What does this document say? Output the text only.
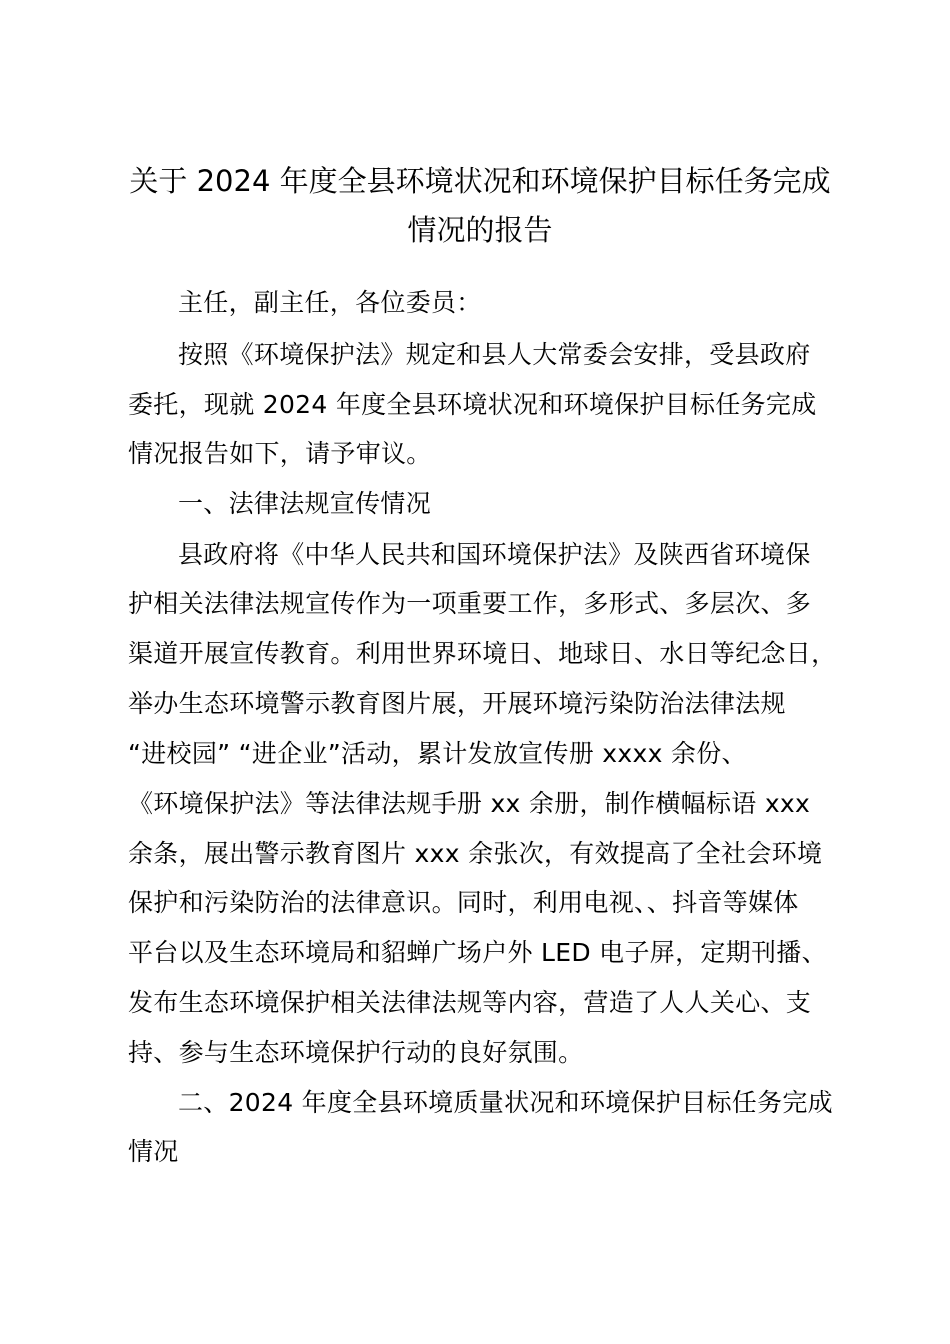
关于 2024 年度全县环境状况和环境保护目标任务完成
情况的报告

主任，副主任，各位委员：

按照《环境保护法》规定和县人大常委会安排，受县政府

委托，现就 2024 年度全县环境状况和环境保护目标任务完成

情况报告如下，请予审议。

一、法律法规宣传情况

县政府将《中华人民共和国环境保护法》及陕西省环境保

护相关法律法规宣传作为一项重要工作，多形式、多层次、多

渠道开展宣传教育。利用世界环境日、地球日、水日等纪念日，

举办生态环境警示教育图片展，开展环境污染防治法律法规

“进校园” “进企业”活动，累计发放宣传册 xxxx 余份、

《环境保护法》等法律法规手册 xx 余册，制作横幅标语 xxx

余条，展出警示教育图片 xxx 余张次，有效提高了全社会环境

保护和污染防治的法律意识。同时，利用电视、、抖音等媒体

平台以及生态环境局和貂蝉广场户外 LED 电子屏，定期刊播、

发布生态环境保护相关法律法规等内容，营造了人人关心、支

持、参与生态环境保护行动的良好氛围。

二、2024 年度全县环境质量状况和环境保护目标任务完成

情况
